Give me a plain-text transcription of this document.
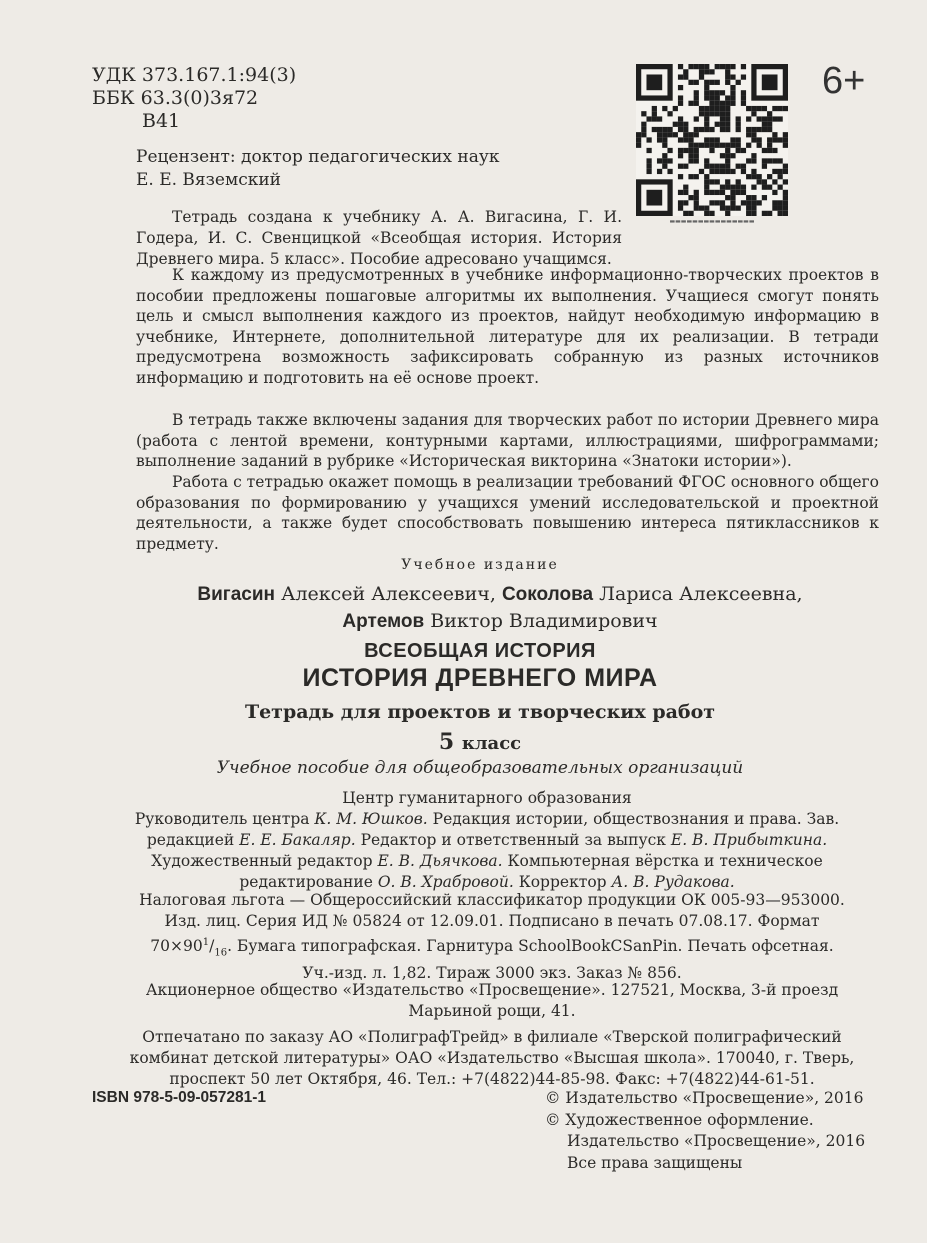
УДК 373.167.1:94(3)
ББК 63.3(0)3я72
В41
▬▬▬▬▬▬▬▬▬▬▬▬▬▬▬
6+
Рецензент: доктор педагогических наук
Е. Е. Вяземский
Тетрадь создана к учебнику А. А. Вигасина, Г. И. Годера, И. С. Свенцицкой «Всеобщая история. История Древнего мира. 5 класс». Пособие адресовано учащимся.
К каждому из предусмотренных в учебнике информационно-творческих проектов в пособии предложены пошаговые алгоритмы их выполнения. Учащиеся смогут понять цель и смысл выполнения каждого из проектов, найдут необходимую информацию в учебнике, Интернете, дополнительной литературе для их реализации. В тетради предусмотрена возможность зафиксировать собранную из разных источников информацию и подготовить на её основе проект.
В тетрадь также включены задания для творческих работ по истории Древнего мира (работа с лентой времени, контурными картами, иллюстрациями, шифрограммами; выполнение заданий в рубрике «Историческая викторина «Знатоки истории»).
Работа с тетрадью окажет помощь в реализации требований ФГОС основного общего образования по формированию у учащихся умений исследовательской и проектной деятельности, а также будет способствовать повышению интереса пятиклассников к предмету.
Учебное издание
Вигасин Алексей Алексеевич, Соколова Лариса Алексеевна,
Артемов Виктор Владимирович
ВСЕОБЩАЯ ИСТОРИЯ
ИСТОРИЯ ДРЕВНЕГО МИРА
Тетрадь для проектов и творческих работ
5 класс
Учебное пособие для общеобразовательных организаций
Центр гуманитарного образования
Руководитель центра К. М. Юшков. Редакция истории, обществознания и права. Зав.
редакцией Е. Е. Бакаляр. Редактор и ответственный за выпуск Е. В. Прибыткина.
Художественный редактор Е. В. Дьячкова. Компьютерная вёрстка и техническое
редактирование О. В. Храбровой. Корректор А. В. Рудакова.
Налоговая льгота — Общероссийский классификатор продукции ОК 005-93—953000.
Изд. лиц. Серия ИД № 05824 от 12.09.01. Подписано в печать 07.08.17. Формат
$70\times 90^1/_{16}$. Бумага типографская. Гарнитура SchoolBookCSanPin. Печать офсетная.
Уч.-изд. л. 1,82. Тираж 3000 экз. Заказ № 856.
Акционерное общество «Издательство «Просвещение». 127521, Москва, 3-й проезд
Марьиной рощи, 41.
Отпечатано по заказу АО «ПолиграфТрейд» в филиале «Тверской полиграфический
комбинат детской литературы» ОАО «Издательство «Высшая школа». 170040, г. Тверь,
проспект 50 лет Октября, 46. Тел.: +7(4822)44-85-98. Факс: +7(4822)44-61-51.
ISBN 978-5-09-057281-1	© Издательство «Просвещение», 2016
© Художественное оформление.
Издательство «Просвещение», 2016
Все права защищены
